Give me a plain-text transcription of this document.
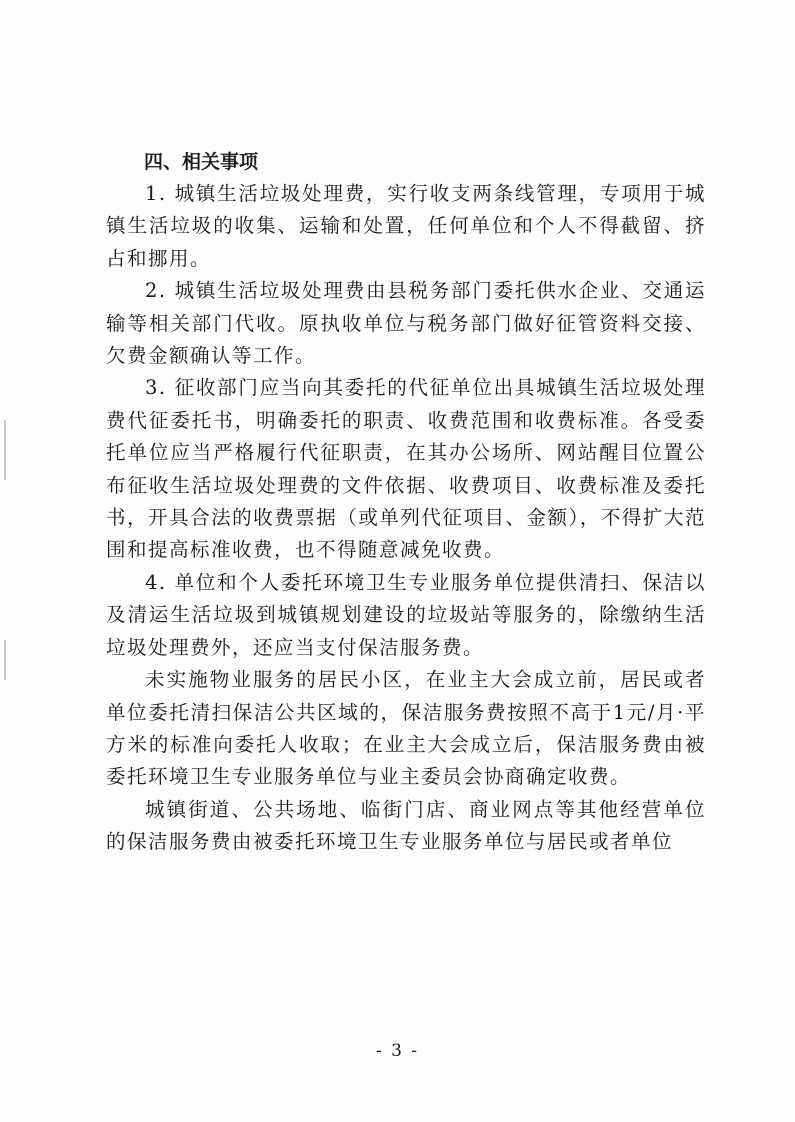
四、相关事项

1. 城镇生活垃圾处理费，实行收支两条线管理，专项用于城镇生活垃圾的收集、运输和处置，任何单位和个人不得截留、挤占和挪用。

2. 城镇生活垃圾处理费由县税务部门委托供水企业、交通运输等相关部门代收。原执收单位与税务部门做好征管资料交接、欠费金额确认等工作。

3. 征收部门应当向其委托的代征单位出具城镇生活垃圾处理费代征委托书，明确委托的职责、收费范围和收费标准。各受委托单位应当严格履行代征职责，在其办公场所、网站醒目位置公布征收生活垃圾处理费的文件依据、收费项目、收费标准及委托书，开具合法的收费票据（或单列代征项目、金额），不得扩大范围和提高标准收费，也不得随意减免收费。

4. 单位和个人委托环境卫生专业服务单位提供清扫、保洁以及清运生活垃圾到城镇规划建设的垃圾站等服务的，除缴纳生活垃圾处理费外，还应当支付保洁服务费。

未实施物业服务的居民小区，在业主大会成立前，居民或者单位委托清扫保洁公共区域的，保洁服务费按照不高于1元/月·平方米的标准向委托人收取；在业主大会成立后，保洁服务费由被委托环境卫生专业服务单位与业主委员会协商确定收费。

城镇街道、公共场地、临街门店、商业网点等其他经营单位的保洁服务费由被委托环境卫生专业服务单位与居民或者单位

- 3 -
